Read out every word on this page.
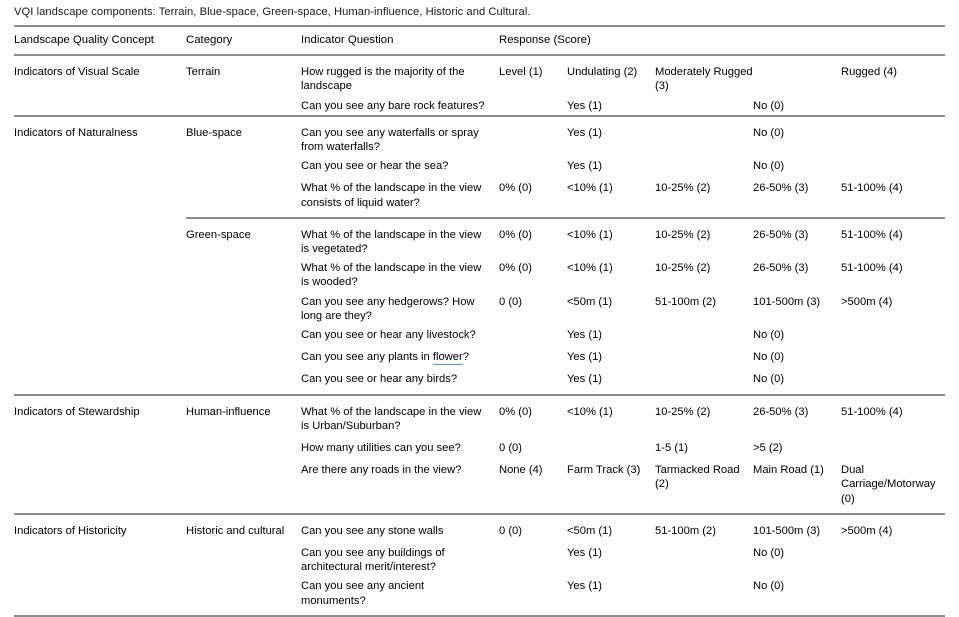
VQI landscape components: Terrain, Blue-space, Green-space, Human-influence, Historic and Cultural.
Landscape Quality Concept	Category	Indicator Question	Response (Score)				
Indicators of Visual Scale	Terrain	How rugged is the majority of the landscape	Level (1)	Undulating (2)	Moderately Rugged (3)		Rugged (4)
		Can you see any bare rock features?		Yes (1)		No (0)	
Indicators of Naturalness	Blue-space	Can you see any waterfalls or spray from waterfalls?		Yes (1)		No (0)	
		Can you see or hear the sea?		Yes (1)		No (0)	
		What % of the landscape in the view consists of liquid water?	0% (0)	<10% (1)	10-25% (2)	26-50% (3)	51-100% (4)
	Green-space	What % of the landscape in the view is vegetated?	0% (0)	<10% (1)	10-25% (2)	26-50% (3)	51-100% (4)
		What % of the landscape in the view is wooded?	0% (0)	<10% (1)	10-25% (2)	26-50% (3)	51-100% (4)
		Can you see any hedgerows? How long are they?	0 (0)	<50m (1)	51-100m (2)	101-500m (3)	>500m (4)
		Can you see or hear any livestock?		Yes (1)		No (0)	
		Can you see any plants in flower?		Yes (1)		No (0)	
		Can you see or hear any birds?		Yes (1)		No (0)	
Indicators of Stewardship	Human-influence	What % of the landscape in the view is Urban/Suburban?	0% (0)	<10% (1)	10-25% (2)	26-50% (3)	51-100% (4)
		How many utilities can you see?	0 (0)		1-5 (1)	>5 (2)	
		Are there any roads in the view?	None (4)	Farm Track (3)	Tarmacked Road (2)	Main Road (1)	Dual Carriage/Motorway (0)
Indicators of Historicity	Historic and cultural	Can you see any stone walls	0 (0)	<50m (1)	51-100m (2)	101-500m (3)	>500m (4)
		Can you see any buildings of architectural merit/interest?		Yes (1)		No (0)	
		Can you see any ancient monuments?		Yes (1)		No (0)	
